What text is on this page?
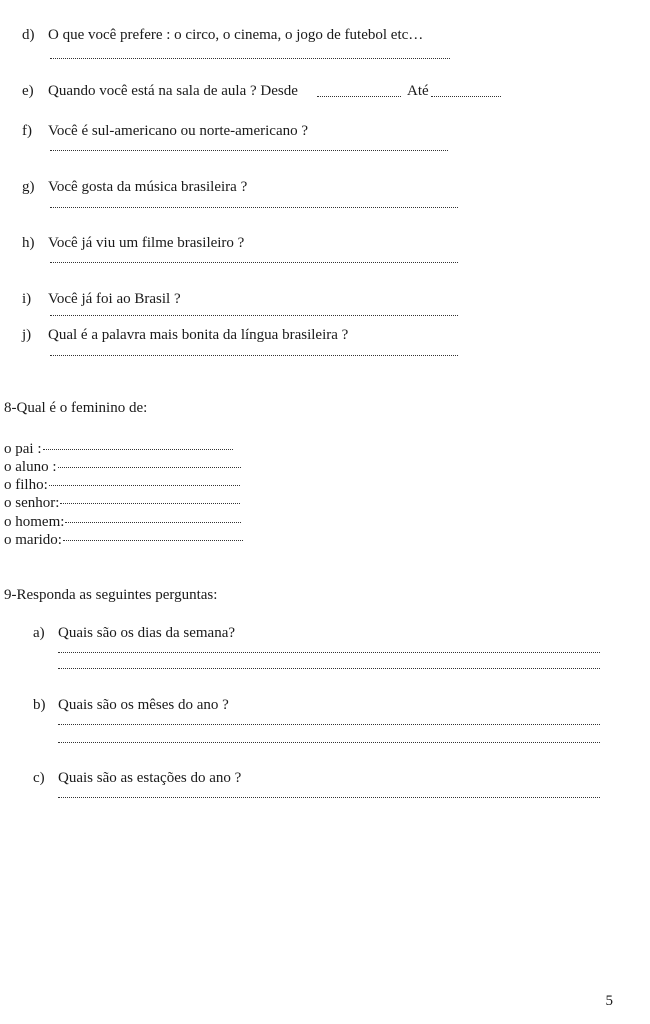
d) O que você prefere : o circo, o cinema, o jogo de futebol etc…
e) Quando você está na sala de aula ? Desde	Até
f) Você é sul-americano ou norte-americano ?
g) Você gosta da música brasileira ?
h) Você já viu um filme brasileiro ?
i) Você já foi ao Brasil ?
j) Qual é a palavra mais bonita da língua brasileira ?
8-Qual é o feminino de:
o pai :
o aluno :
o filho:
o senhor:
o homem:
o marido:
9-Responda as seguintes perguntas:
a) Quais são os dias da semana?
b) Quais são os mêses do ano ?
c) Quais são as estações do ano ?
5
